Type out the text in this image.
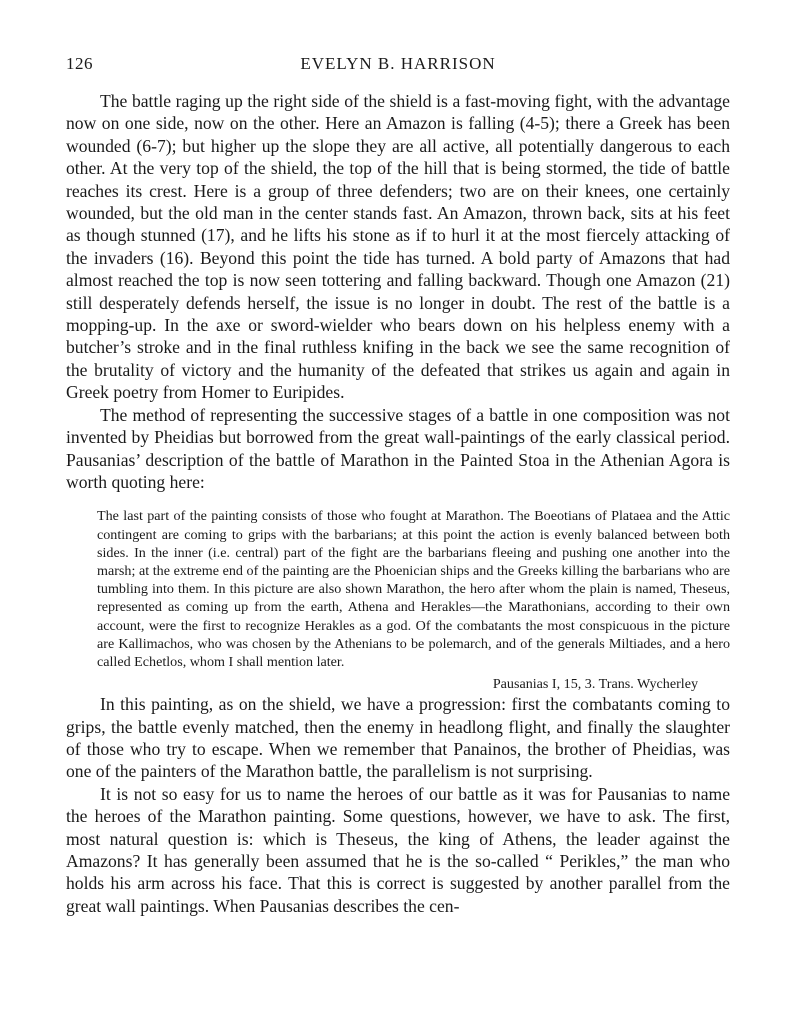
126	EVELYN B. HARRISON

The battle raging up the right side of the shield is a fast-moving fight, with the advantage now on one side, now on the other. Here an Amazon is falling (4-5); there a Greek has been wounded (6-7); but higher up the slope they are all active, all potentially dangerous to each other. At the very top of the shield, the top of the hill that is being stormed, the tide of battle reaches its crest. Here is a group of three defenders; two are on their knees, one certainly wounded, but the old man in the center stands fast. An Amazon, thrown back, sits at his feet as though stunned (17), and he lifts his stone as if to hurl it at the most fiercely attacking of the invaders (16). Beyond this point the tide has turned. A bold party of Amazons that had almost reached the top is now seen tottering and falling backward. Though one Amazon (21) still desperately defends herself, the issue is no longer in doubt. The rest of the battle is a mopping-up. In the axe or sword-wielder who bears down on his helpless enemy with a butcher’s stroke and in the final ruthless knifing in the back we see the same recognition of the brutality of victory and the humanity of the defeated that strikes us again and again in Greek poetry from Homer to Euripides.

The method of representing the successive stages of a battle in one composition was not invented by Pheidias but borrowed from the great wall-paintings of the early classical period. Pausanias’ description of the battle of Marathon in the Painted Stoa in the Athenian Agora is worth quoting here:

The last part of the painting consists of those who fought at Marathon. The Boeotians of Plataea and the Attic contingent are coming to grips with the barbarians; at this point the action is evenly balanced between both sides. In the inner (i.e. central) part of the fight are the barbarians fleeing and pushing one another into the marsh; at the extreme end of the painting are the Phoenician ships and the Greeks killing the barbarians who are tumbling into them. In this picture are also shown Marathon, the hero after whom the plain is named, Theseus, represented as coming up from the earth, Athena and Herakles—the Marathonians, according to their own account, were the first to recognize Herakles as a god. Of the combatants the most conspicuous in the picture are Kallimachos, who was chosen by the Athenians to be polemarch, and of the generals Miltiades, and a hero called Echetlos, whom I shall mention later.

Pausanias I, 15, 3. Trans. Wycherley

In this painting, as on the shield, we have a progression: first the combatants coming to grips, the battle evenly matched, then the enemy in headlong flight, and finally the slaughter of those who try to escape. When we remember that Panainos, the brother of Pheidias, was one of the painters of the Marathon battle, the parallelism is not surprising.

It is not so easy for us to name the heroes of our battle as it was for Pausanias to name the heroes of the Marathon painting. Some questions, however, we have to ask. The first, most natural question is: which is Theseus, the king of Athens, the leader against the Amazons? It has generally been assumed that he is the so-called “ Perikles,” the man who holds his arm across his face. That this is correct is suggested by another parallel from the great wall paintings. When Pausanias describes the cen-
